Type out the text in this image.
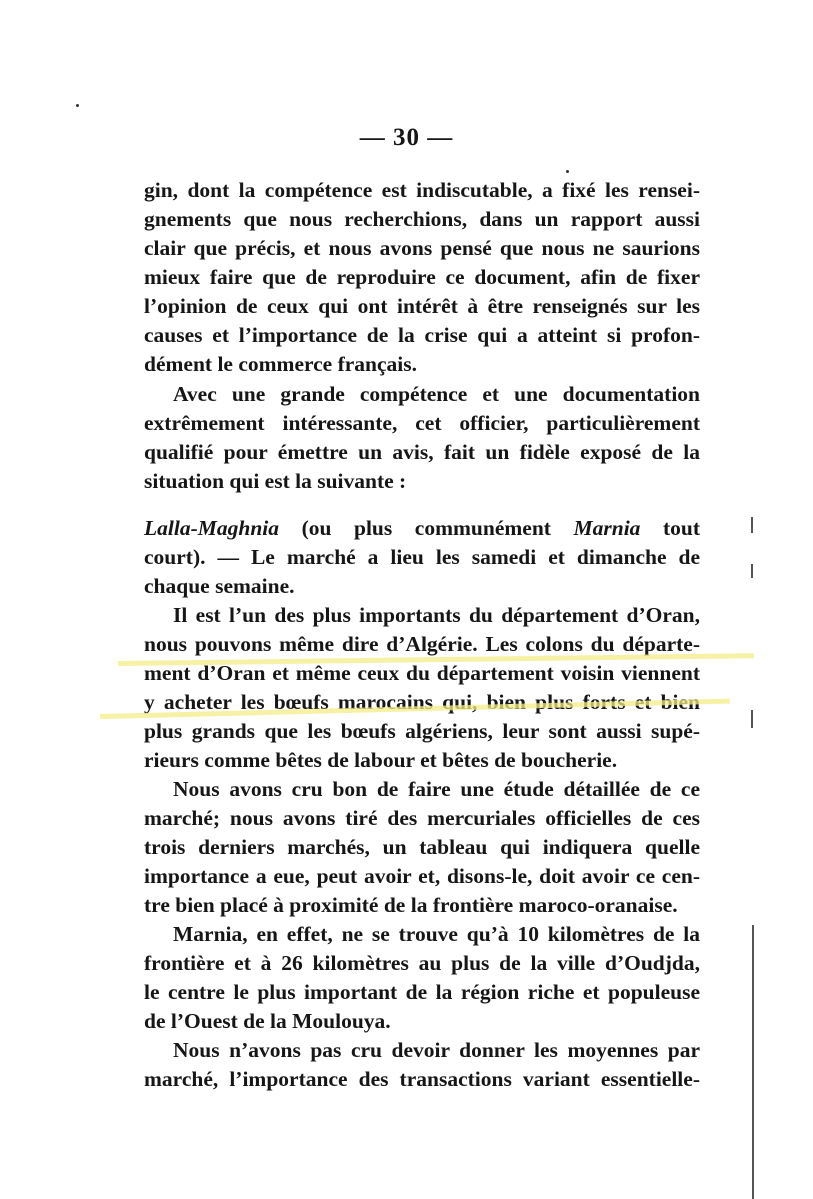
— 30 —
gin, dont la compétence est indiscutable, a fixé les rensei-
gnements que nous recherchions, dans un rapport aussi
clair que précis, et nous avons pensé que nous ne saurions
mieux faire que de reproduire ce document, afin de fixer
l’opinion de ceux qui ont intérêt à être renseignés sur les
causes et l’importance de la crise qui a atteint si profon-
dément le commerce français.
Avec une grande compétence et une documentation
extrêmement intéressante, cet officier, particulièrement
qualifié pour émettre un avis, fait un fidèle exposé de la
situation qui est la suivante :
Lalla-Maghnia (ou plus communément Marnia tout
court). — Le marché a lieu les samedi et dimanche de
chaque semaine.
Il est l’un des plus importants du département d’Oran,
nous pouvons même dire d’Algérie. Les colons du départe-
ment d’Oran et même ceux du département voisin viennent
y acheter les bœufs marocains qui, bien plus forts et bien
plus grands que les bœufs algériens, leur sont aussi supé-
rieurs comme bêtes de labour et bêtes de boucherie.
Nous avons cru bon de faire une étude détaillée de ce
marché; nous avons tiré des mercuriales officielles de ces
trois derniers marchés, un tableau qui indiquera quelle
importance a eue, peut avoir et, disons-le, doit avoir ce cen-
tre bien placé à proximité de la frontière maroco-oranaise.
Marnia, en effet, ne se trouve qu’à 10 kilomètres de la
frontière et à 26 kilomètres au plus de la ville d’Oudjda,
le centre le plus important de la région riche et populeuse
de l’Ouest de la Moulouya.
Nous n’avons pas cru devoir donner les moyennes par
marché, l’importance des transactions variant essentielle-
